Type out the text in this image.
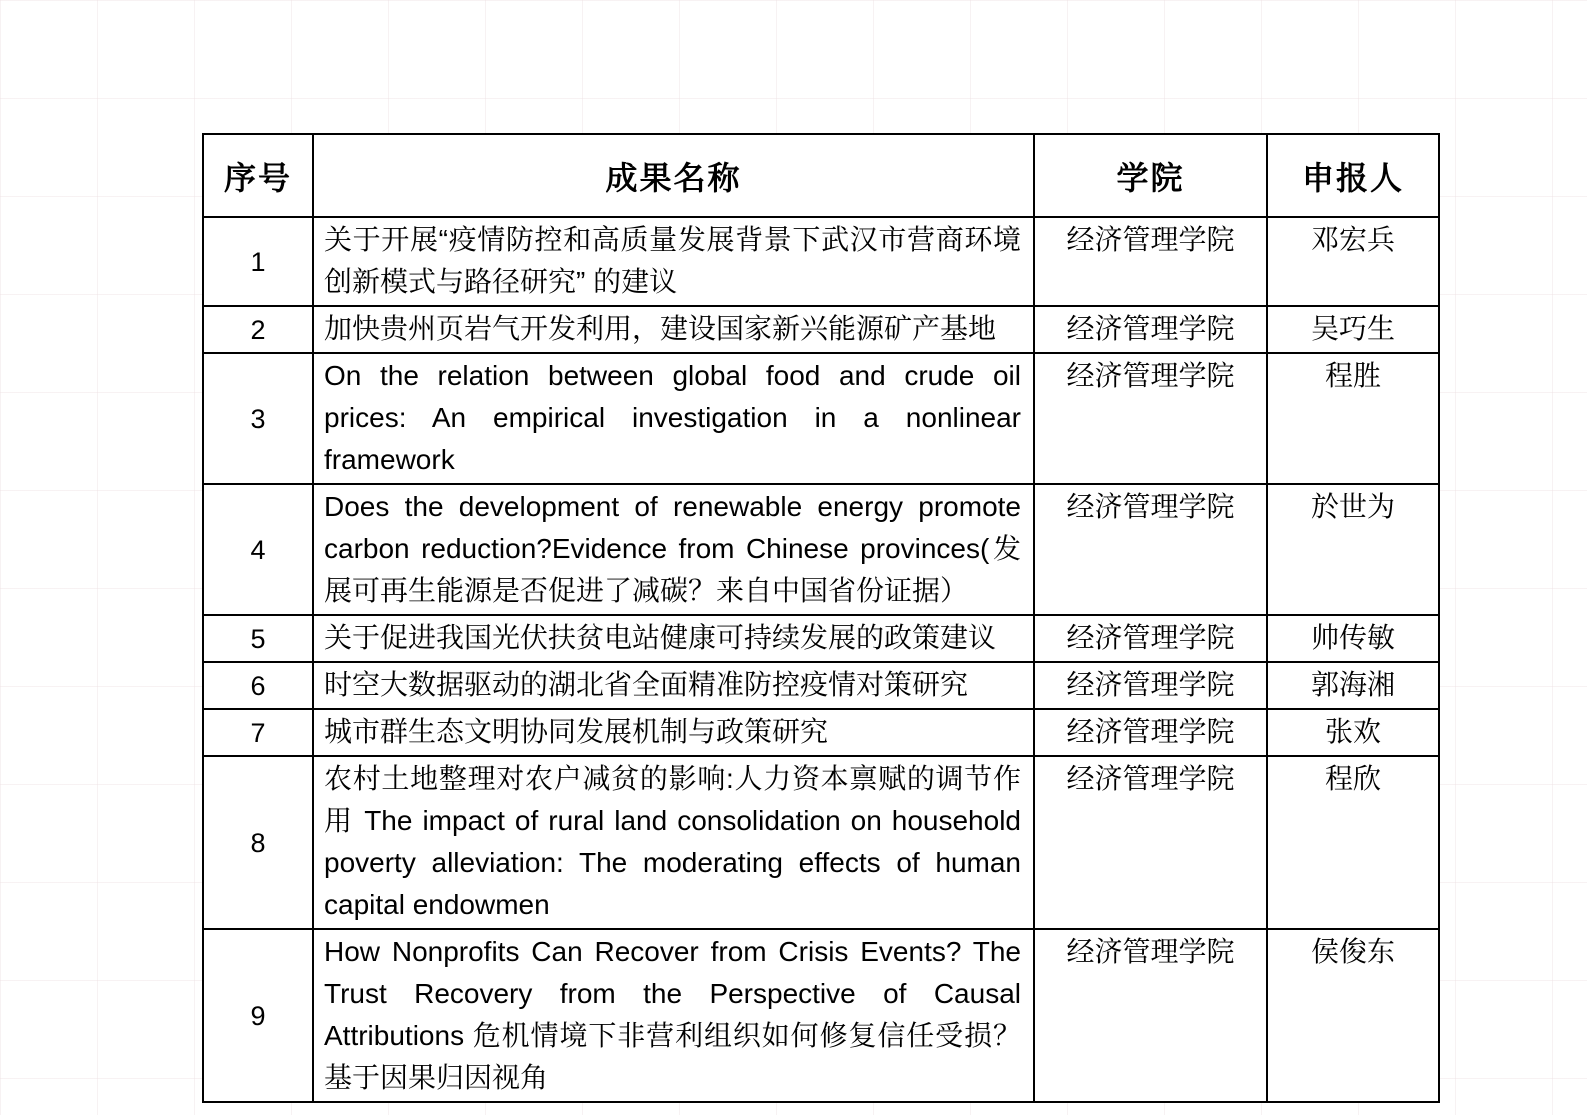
序号	成果名称	学院	申报人
1	关于开展“疫情防控和高质量发展背景下武汉市营商环境创新模式与路径研究” 的建议	经济管理学院	邓宏兵
2	加快贵州页岩气开发利用，建设国家新兴能源矿产基地	经济管理学院	吴巧生
3	On the relation between global food and crude oil prices: An empirical investigation in a nonlinear framework	经济管理学院	程胜
4	Does the development of renewable energy promote carbon reduction?Evidence from Chinese provinces(发展可再生能源是否促进了减碳？来自中国省份证据）	经济管理学院	於世为
5	关于促进我国光伏扶贫电站健康可持续发展的政策建议	经济管理学院	帅传敏
6	时空大数据驱动的湖北省全面精准防控疫情对策研究	经济管理学院	郭海湘
7	城市群生态文明协同发展机制与政策研究	经济管理学院	张欢
8	农村土地整理对农户减贫的影响:人力资本禀赋的调节作用 The impact of rural land consolidation on household poverty alleviation: The moderating effects of human capital endowmen	经济管理学院	程欣
9	How Nonprofits Can Recover from Crisis Events? The Trust Recovery from the Perspective of Causal Attributions 危机情境下非营利组织如何修复信任受损？基于因果归因视角	经济管理学院	侯俊东
